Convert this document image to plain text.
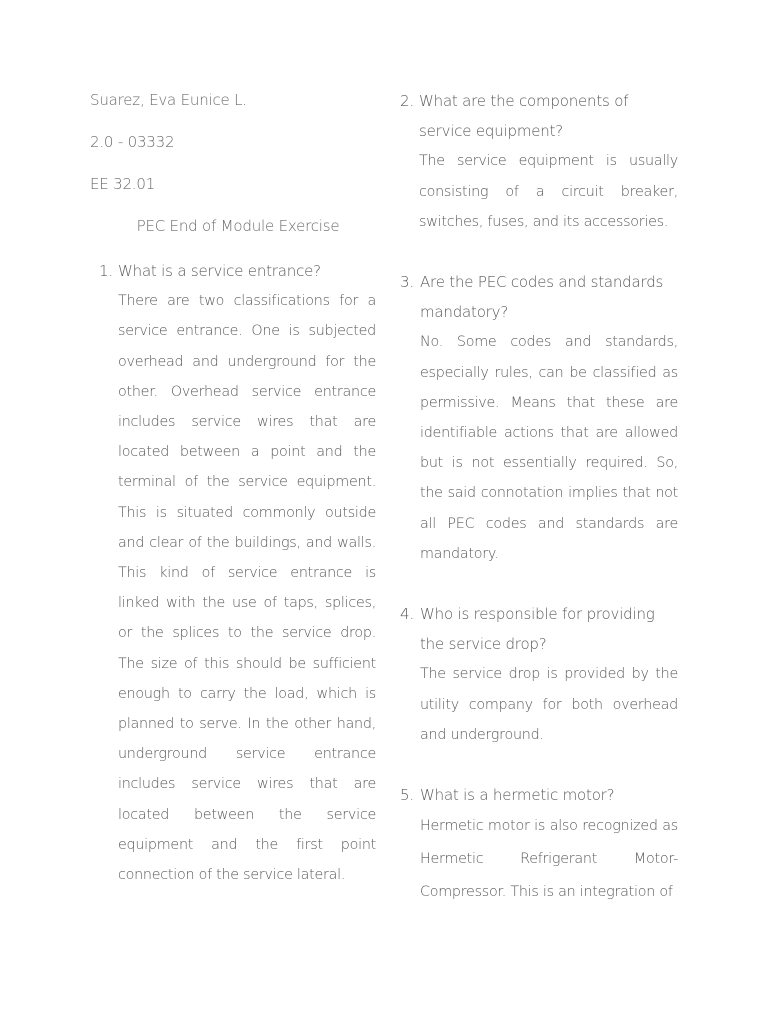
Suarez, Eva Eunice L.
2.0 - 03332
EE 32.01
PEC End of Module Exercise
1. What is a service entrance?
There are two classifications for a service entrance. One is subjected overhead and underground for the other. Overhead service entrance includes service wires that are located between a point and the terminal of the service equipment. This is situated commonly outside and clear of the buildings, and walls. This kind of service entrance is linked with the use of taps, splices, or the splices to the service drop. The size of this should be sufficient enough to carry the load, which is planned to serve. In the other hand, underground service entrance includes service wires that are located between the service equipment and the first point connection of the service lateral.
2. What are the components of service equipment?
The service equipment is usually consisting of a circuit breaker, switches, fuses, and its accessories.
3. Are the PEC codes and standards mandatory?
No. Some codes and standards, especially rules, can be classified as permissive. Means that these are identifiable actions that are allowed but is not essentially required. So, the said connotation implies that not all PEC codes and standards are mandatory.
4. Who is responsible for providing the service drop?
The service drop is provided by the utility company for both overhead and underground.
5. What is a hermetic motor?
Hermetic motor is also recognized as Hermetic Refrigerant Motor-Compressor. This is an integration of
